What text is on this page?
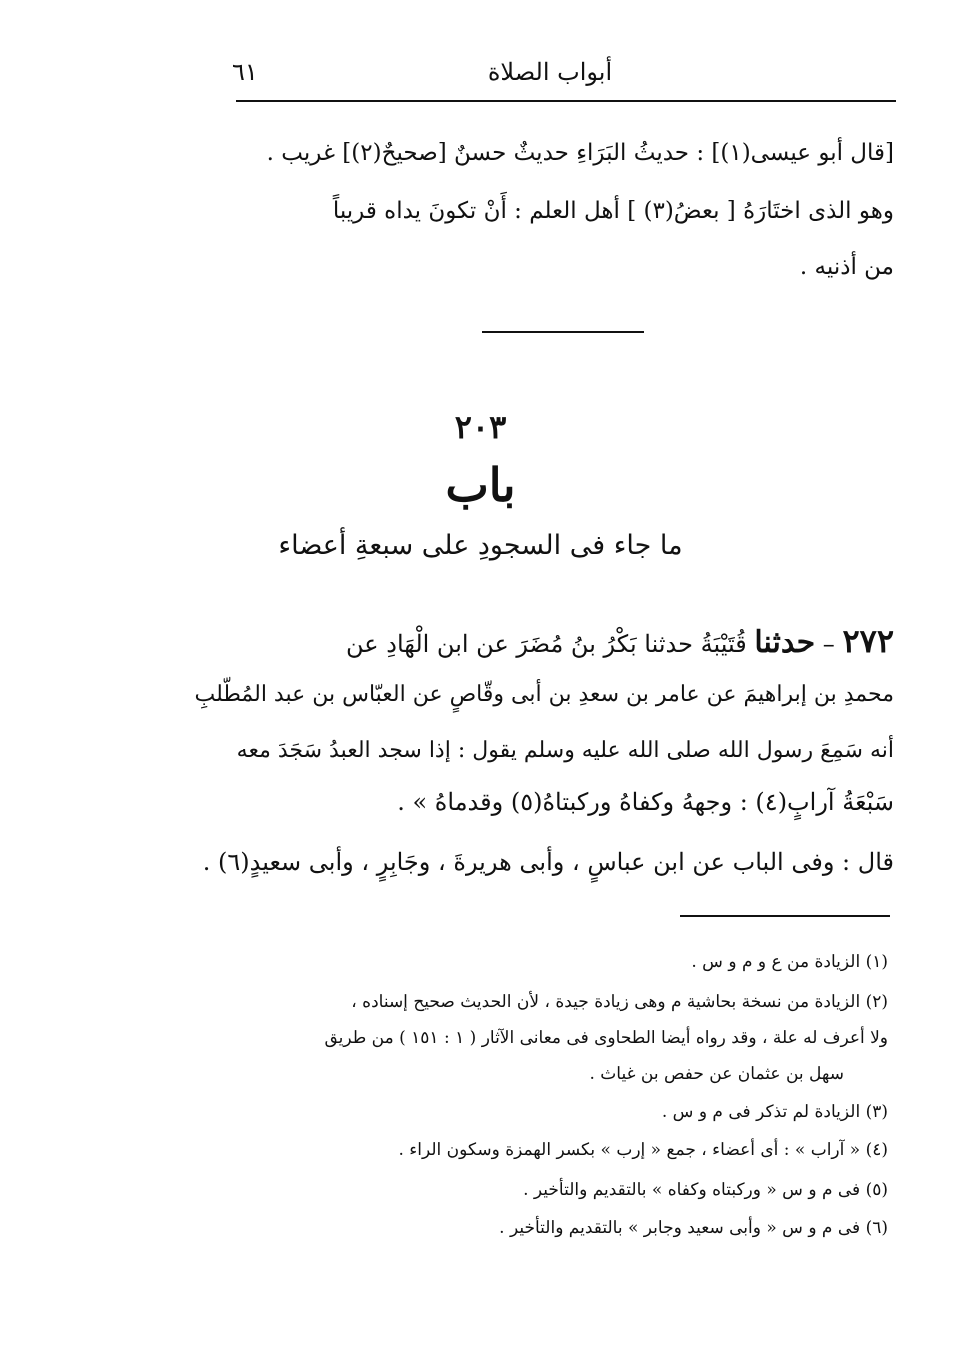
أبواب الصلاة
٦١
[قال أبو عيسى(١)] : حديثُ البَرَاءِ حديثٌ حسنٌ [صحيحٌ(٢)] غريب .
وهو الذى اختَارَهُ [ بعضُ(٣) ] أهل العلم : أَنْ تكونَ يداه قريباً
من أذنيه .
٢٠٣
باب
ما جاء فى السجودِ على سبعةِ أعضاء
٢٧٢ – حدثنا قُتَيْبَةُ حدثنا بَكْرُ بنُ مُضَرَ عن ابن الْهَادِ عن
محمدِ بن إبراهيمَ عن عامر بن سعدِ بن أبى وقّاصٍ عن العبّاس بن عبد المُطّلبِ
أنه سَمِعَ رسول الله صلى الله عليه وسلم يقول : إذا سجد العبدُ سَجَدَ معه
سَبْعَةُ آرابٍ(٤) : وجههُ وكفاهُ وركبتاهُ(٥) وقدماهُ » .
قال : وفى الباب عن ابن عباسٍ ، وأبى هريرةَ ، وجَابِرٍ ، وأبى سعيدٍ(٦) .
(١) الزيادة من ع و م و س .
(٢) الزيادة من نسخة بحاشية م وهى زيادة جيدة ، لأن الحديث صحيح إسناده ،
ولا أعرف له علة ، وقد رواه أيضا الطحاوى فى معانى الآثار ( ١ : ١٥١ ) من طريق
سهل بن عثمان عن حفص بن غياث .
(٣) الزيادة لم تذكر فى م و س .
(٤) « آراب » : أى أعضاء ، جمع « إرب » بكسر الهمزة وسكون الراء .
(٥) فى م و س « وركبتاه وكفاه » بالتقديم والتأخير .
(٦) فى م و س « وأبى سعيد وجابر » بالتقديم والتأخير .
